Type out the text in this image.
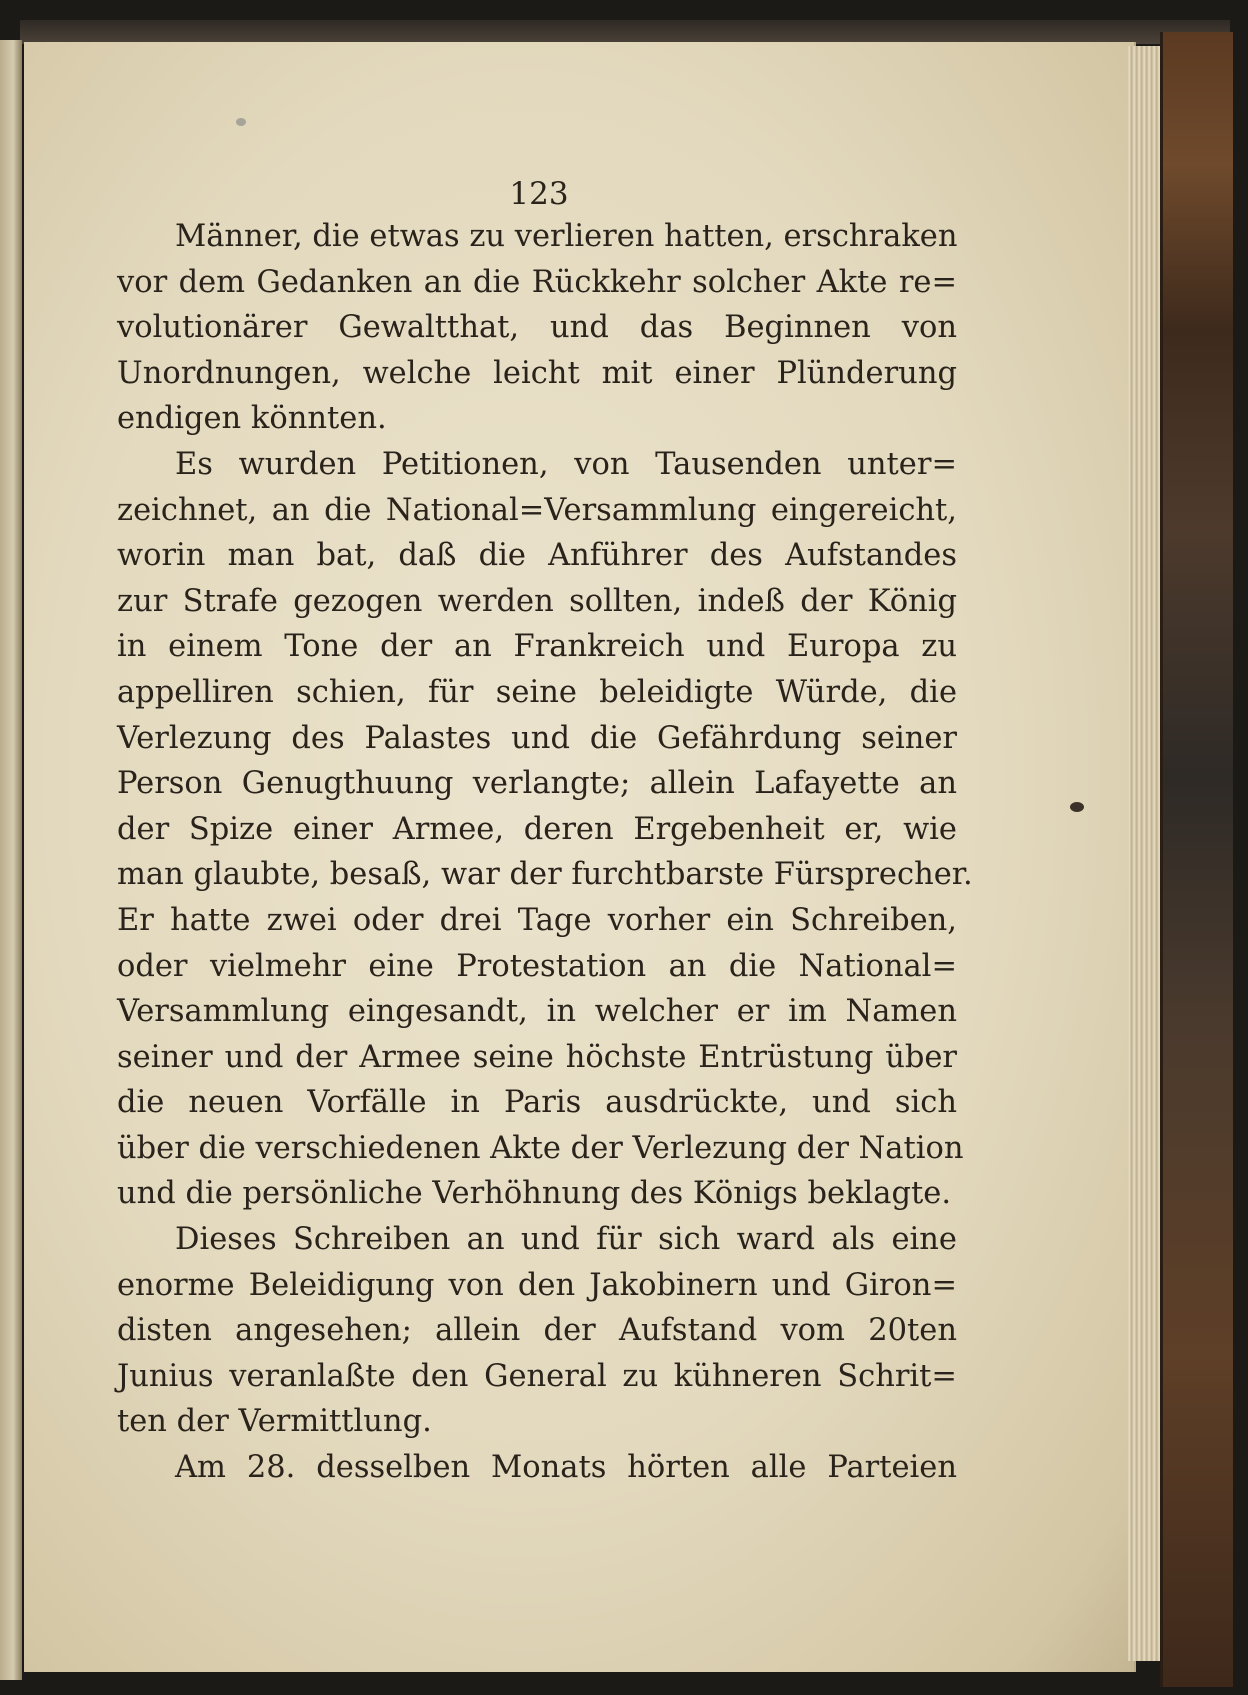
123
Männer, die etwas zu verlieren hatten, erschraken
vor dem Gedanken an die Rückkehr solcher Akte re=
volutionärer Gewaltthat, und das Beginnen von
Unordnungen, welche leicht mit einer Plünderung
endigen könnten.
Es wurden Petitionen, von Tausenden unter=
zeichnet, an die National=Versammlung eingereicht,
worin man bat, daß die Anführer des Aufstandes
zur Strafe gezogen werden sollten, indeß der König
in einem Tone der an Frankreich und Europa zu
appelliren schien, für seine beleidigte Würde, die
Verlezung des Palastes und die Gefährdung seiner
Person Genugthuung verlangte; allein Lafayette an
der Spize einer Armee, deren Ergebenheit er, wie
man glaubte, besaß, war der furchtbarste Fürsprecher.
Er hatte zwei oder drei Tage vorher ein Schreiben,
oder vielmehr eine Protestation an die National=
Versammlung eingesandt, in welcher er im Namen
seiner und der Armee seine höchste Entrüstung über
die neuen Vorfälle in Paris ausdrückte, und sich
über die verschiedenen Akte der Verlezung der Nation
und die persönliche Verhöhnung des Königs beklagte.
Dieses Schreiben an und für sich ward als eine
enorme Beleidigung von den Jakobinern und Giron=
disten angesehen; allein der Aufstand vom 20ten
Junius veranlaßte den General zu kühneren Schrit=
ten der Vermittlung.
Am 28. desselben Monats hörten alle Parteien
